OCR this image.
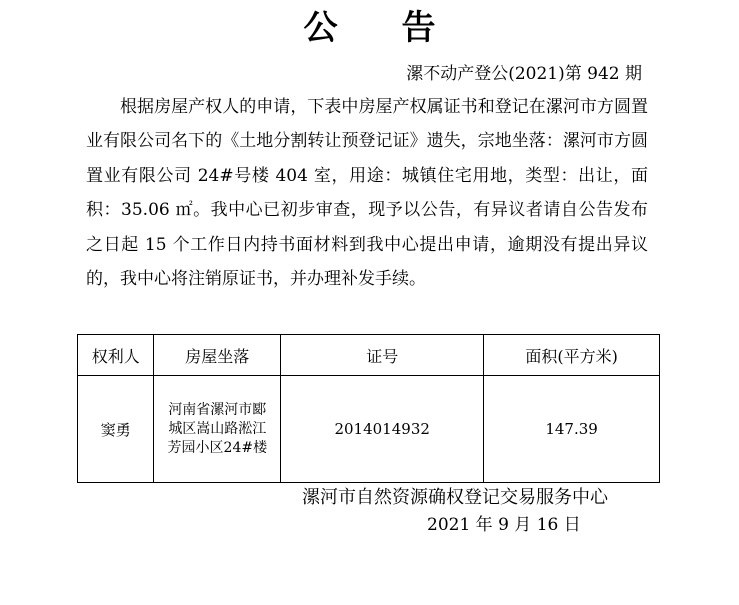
公告
漯不动产登公(2021)第 942 期

根据房屋产权人的申请，下表中房屋产权属证书和登记在漯河市方圆置业有限公司名下的《土地分割转让预登记证》遗失，宗地坐落：漯河市方圆置业有限公司 24#号楼 404 室，用途：城镇住宅用地，类型：出让，面积：35.06 ㎡。我中心已初步审查，现予以公告，有异议者请自公告发布之日起 15 个工作日内持书面材料到我中心提出申请，逾期没有提出异议的，我中心将注销原证书，并办理补发手续。

权利人	房屋坐落	证号	面积(平方米)
窦勇	河南省漯河市郾城区嵩山路淞江芳园小区24#楼	2014014932	147.39
漯河市自然资源确权登记交易服务中心
2021 年 9 月 16 日
